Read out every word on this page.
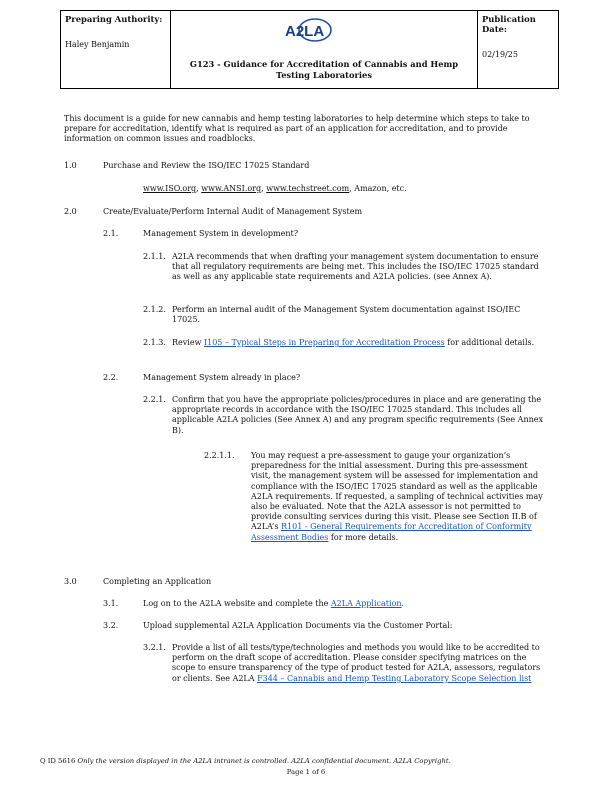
Preparing Authority:
Haley Benjamin
A2LA
G123 - Guidance for Accreditation of Cannabis and Hemp Testing Laboratories
Publication Date:
02/19/25
This document is a guide for new cannabis and hemp testing laboratories to help determine which steps to take to prepare for accreditation, identify what is required as part of an application for accreditation, and to provide information on common issues and roadblocks.
1.0	Purchase and Review the ISO/IEC 17025 Standard
www.ISO.org, www.ANSI.org, www.techstreet.com, Amazon, etc.
2.0	Create/Evaluate/Perform Internal Audit of Management System
2.1.	Management System in development?
2.1.1. A2LA recommends that when drafting your management system documentation to ensure that all regulatory requirements are being met. This includes the ISO/IEC 17025 standard as well as any applicable state requirements and A2LA policies. (see Annex A).
2.1.2. Perform an internal audit of the Management System documentation against ISO/IEC 17025.
2.1.3. Review I105 – Typical Steps in Preparing for Accreditation Process for additional details.
2.2.	Management System already in place?
2.2.1. Confirm that you have the appropriate policies/procedures in place and are generating the appropriate records in accordance with the ISO/IEC 17025 standard. This includes all applicable A2LA policies (See Annex A) and any program specific requirements (See Annex B).
2.2.1.1. You may request a pre-assessment to gauge your organization’s preparedness for the initial assessment. During this pre-assessment visit, the management system will be assessed for implementation and compliance with the ISO/IEC 17025 standard as well as the applicable A2LA requirements. If requested, a sampling of technical activities may also be evaluated. Note that the A2LA assessor is not permitted to provide consulting services during this visit. Please see Section II.B of A2LA’s R101 - General Requirements for Accreditation of Conformity Assessment Bodies for more details.
3.0	Completing an Application
3.1.	Log on to the A2LA website and complete the A2LA Application.
3.2.	Upload supplemental A2LA Application Documents via the Customer Portal:
3.2.1. Provide a list of all tests/type/technologies and methods you would like to be accredited to perform on the draft scope of accreditation. Please consider specifying matrices on the scope to ensure transparency of the type of product tested for A2LA, assessors, regulators or clients. See A2LA F344 – Cannabis and Hemp Testing Laboratory Scope Selection list
Q ID 5616 Only the version displayed in the A2LA intranet is controlled. A2LA confidential document. A2LA Copyright.
Page 1 of 6
